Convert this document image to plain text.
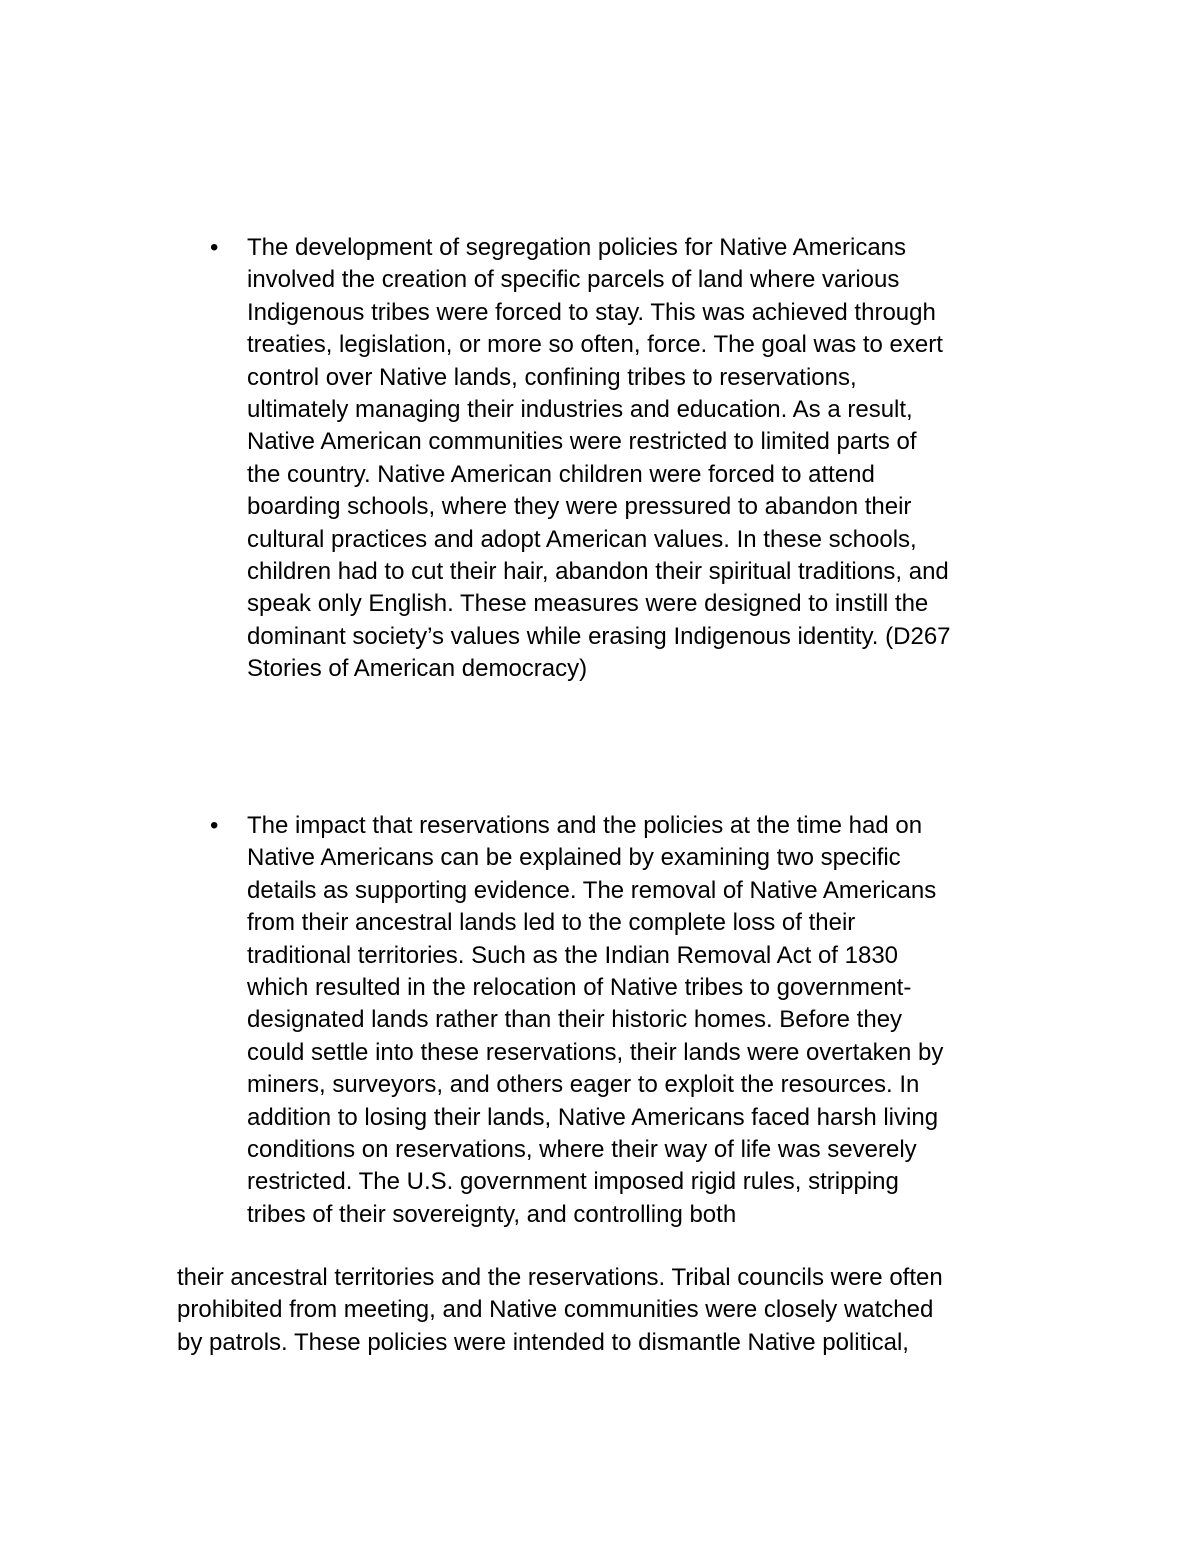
• The development of segregation policies for Native Americans
involved the creation of specific parcels of land where various
Indigenous tribes were forced to stay. This was achieved through
treaties, legislation, or more so often, force. The goal was to exert
control over Native lands, confining tribes to reservations,
ultimately managing their industries and education. As a result,
Native American communities were restricted to limited parts of
the country. Native American children were forced to attend
boarding schools, where they were pressured to abandon their
cultural practices and adopt American values. In these schools,
children had to cut their hair, abandon their spiritual traditions, and
speak only English. These measures were designed to instill the
dominant society’s values while erasing Indigenous identity. (D267
Stories of American democracy)
• The impact that reservations and the policies at the time had on
Native Americans can be explained by examining two specific
details as supporting evidence. The removal of Native Americans
from their ancestral lands led to the complete loss of their
traditional territories. Such as the Indian Removal Act of 1830
which resulted in the relocation of Native tribes to government-
designated lands rather than their historic homes. Before they
could settle into these reservations, their lands were overtaken by
miners, surveyors, and others eager to exploit the resources. In
addition to losing their lands, Native Americans faced harsh living
conditions on reservations, where their way of life was severely
restricted. The U.S. government imposed rigid rules, stripping
tribes of their sovereignty, and controlling both
their ancestral territories and the reservations. Tribal councils were often
prohibited from meeting, and Native communities were closely watched
by patrols. These policies were intended to dismantle Native political,
